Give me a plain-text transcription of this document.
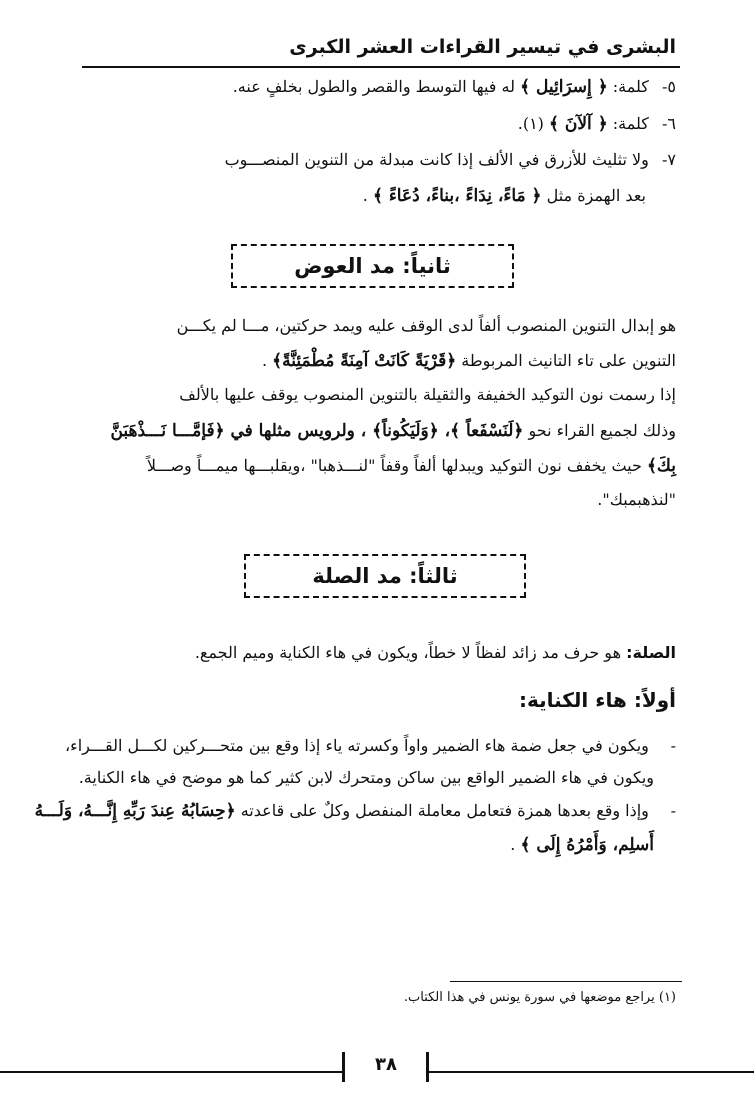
البشرى في تيسير القراءات العشر الكبرى
٥- كلمة: ﴿ إِسرَائِيل ﴾ له فيها التوسط والقصر والطول بخلفٍ عنه.
٦- كلمة: ﴿ آلآنَ ﴾ (١).
٧- ولا تثليث للأزرق في الألف إذا كانت مبدلة من التنوين المنصـــوب
بعد الهمزة مثل ﴿ مَاءً، نِدَاءً ،بناءً، دُعَاءً ﴾ .
ثانياً: مد العوض
هو إبدال التنوين المنصوب ألفاً لدى الوقف عليه ويمد حركتين، مـــا لم يكـــن
التنوين على تاء التانيث المربوطة ﴿قَرْيَةً كَانَتْ آمِنَةً مُطْمَئِنَّةً﴾ .
إذا رسمت نون التوكيد الخفيفة والثقيلة بالتنوين المنصوب يوقف عليها بالألف
وذلك لجميع القراء نحو ﴿لَنَسْفَعاً ﴾، ﴿وَلَيَكُوناً﴾ ، ولرويس مثلها في ﴿فَإمَّـــا نَـــذْهَبَنَّ
بِكَ﴾ حيث يخفف نون التوكيد ويبدلها ألفاً وقفاً "لنـــذهبا" ،ويقلبـــها ميمـــاً وصـــلاً
"لنذهبمبك".
ثالثاً: مد الصلة
الصلة: هو حرف مد زائد لفظاً لا خطاً، ويكون في هاء الكناية وميم الجمع.
أولاً: هاء الكناية:
- ويكون في جعل ضمة هاء الضمير واواً وكسرته ياء إذا وقع بين متحـــركين لكـــل القـــراء،
ويكون في هاء الضمير الواقع بين ساكن ومتحرك لابن كثير كما هو موضح في هاء الكناية.
- وإذا وقع بعدها همزة فتعامل معاملة المنفصل وكلٌ على قاعدته ﴿حِسَابُهُ عِندَ رَبِّهِ إِنَّـــهُ، وَلَـــهُ
أَسلِم، وَأَمْرُهُ إِلَى ﴾ .
(١) يراجع موضعها في سورة يونس في هذا الكتاب.
٣٨
